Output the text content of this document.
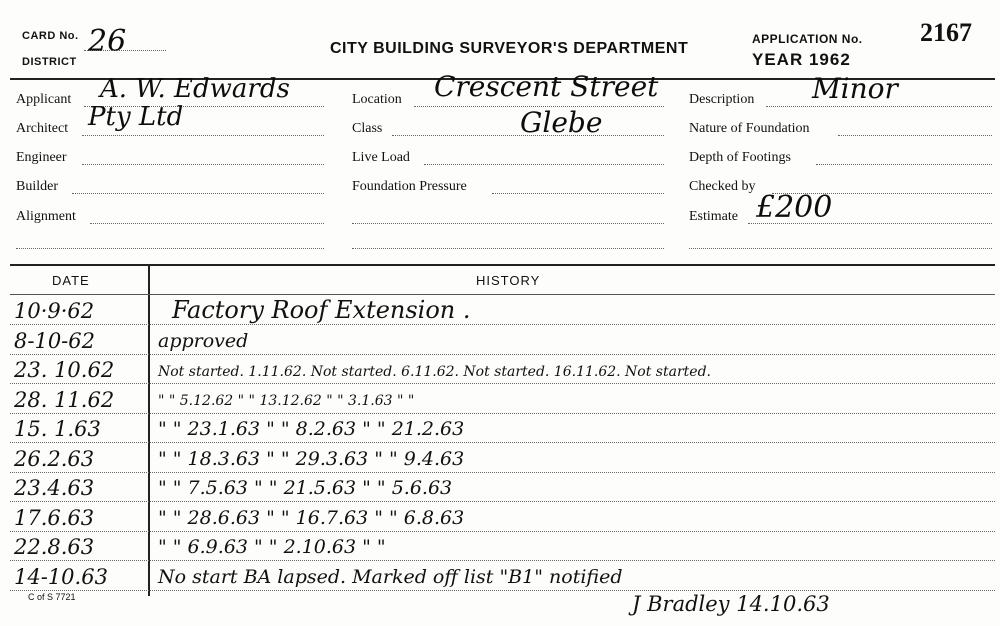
CARD No.
DISTRICT
26	CITY BUILDING SURVEYOR'S DEPARTMENT
APPLICATION No. 2167
YEAR 1962
Applicant A. W. Edwards
Architect Pty Ltd
Engineer
Builder
Alignment
Location Crescent Street
Class	Glebe
Live Load
Foundation Pressure
Description Minor
Nature of Foundation
Depth of Footings
Checked by
Estimate £200
DATE	HISTORY
10·9·62	Factory Roof Extension .
8-10-62	approved
23. 10.62	Not started. 1.11.62. Not started. 6.11.62. Not started. 16.11.62. Not started.
28. 11.62	" " 5.12.62 " " 13.12.62 " " 3.1.63 " "
15. 1.63	" " 23.1.63 " " 8.2.63 " " 21.2.63
26.2.63	" " 18.3.63 " " 29.3.63 " " 9.4.63
23.4.63	" " 7.5.63 " " 21.5.63 " " 5.6.63
17.6.63	" " 28.6.63 " " 16.7.63 " " 6.8.63
22.8.63	" " 6.9.63 " " 2.10.63 " "
14-10.63	No start BA lapsed. Marked off list "B1" notified
J Bradley 14.10.63
C of S 7721
